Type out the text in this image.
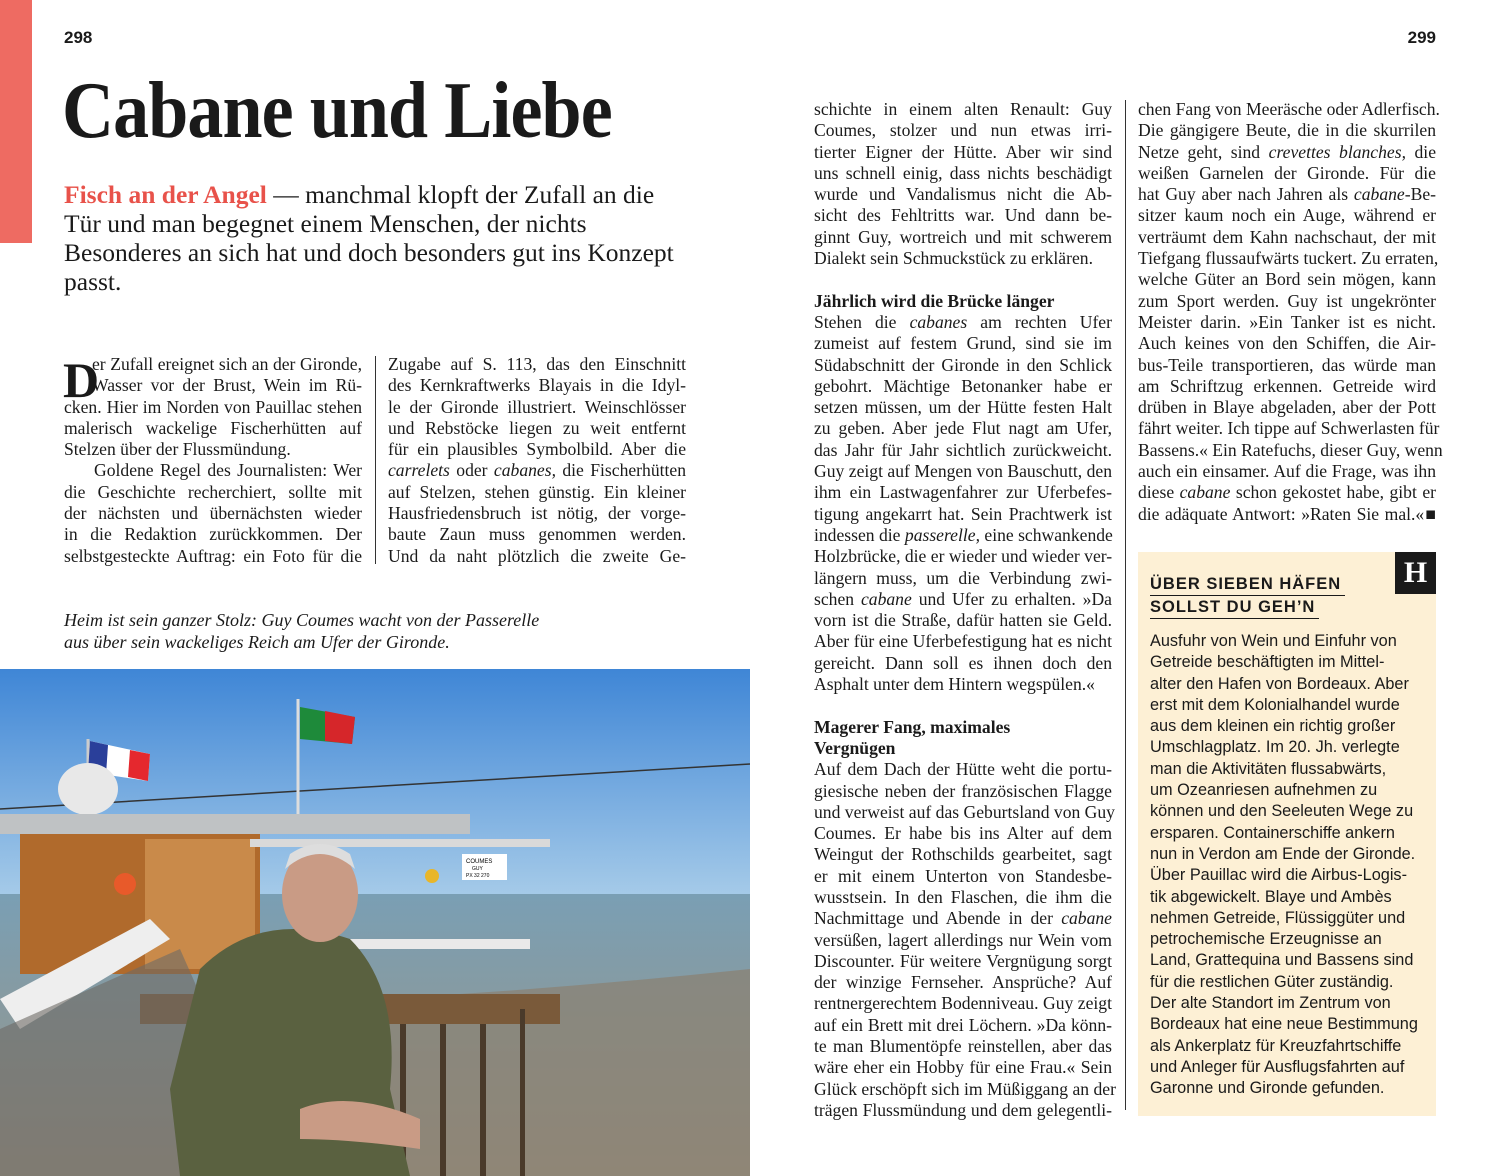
298	299
Cabane und Liebe
Fisch an der Angel — manchmal klopft der Zufall an die Tür und man begegnet einem Menschen, der nichts Besonderes an sich hat und doch besonders gut ins Konzept passt.
D
er Zufall ereignet sich an der Gironde,
Wasser vor der Brust, Wein im Rü-
cken. Hier im Norden von Pauillac stehen
malerisch wackelige Fischerhütten auf
Stelzen über der Flussmündung.
Goldene Regel des Journalisten: Wer
die Geschichte recherchiert, sollte mit
der nächsten und übernächsten wieder
in die Redaktion zurückkommen. Der
selbstgesteckte Auftrag: ein Foto für die
Zugabe auf S. 113, das den Einschnitt
des Kernkraftwerks Blayais in die Idyl-
le der Gironde illustriert. Weinschlösser
und Rebstöcke liegen zu weit entfernt
für ein plausibles Symbolbild. Aber die
carrelets oder cabanes, die Fischerhütten
auf Stelzen, stehen günstig. Ein kleiner
Hausfriedensbruch ist nötig, der vorge-
baute Zaun muss genommen werden.
Und da naht plötzlich die zweite Ge-
schichte in einem alten Renault: Guy
Coumes, stolzer und nun etwas irri-
tierter Eigner der Hütte. Aber wir sind
uns schnell einig, dass nichts beschädigt
wurde und Vandalismus nicht die Ab-
sicht des Fehltritts war. Und dann be-
ginnt Guy, wortreich und mit schwerem
Dialekt sein Schmuckstück zu erklären.
Jährlich wird die Brücke länger
Stehen die cabanes am rechten Ufer
zumeist auf festem Grund, sind sie im
Südabschnitt der Gironde in den Schlick
gebohrt. Mächtige Betonanker habe er
setzen müssen, um der Hütte festen Halt
zu geben. Aber jede Flut nagt am Ufer,
das Jahr für Jahr sichtlich zurückweicht.
Guy zeigt auf Mengen von Bauschutt, den
ihm ein Lastwagenfahrer zur Uferbefes-
tigung angekarrt hat. Sein Prachtwerk ist
indessen die passerelle, eine schwankende
Holzbrücke, die er wieder und wieder ver-
längern muss, um die Verbindung zwi-
schen cabane und Ufer zu erhalten. »Da
vorn ist die Straße, dafür hatten sie Geld.
Aber für eine Uferbefestigung hat es nicht
gereicht. Dann soll es ihnen doch den
Asphalt unter dem Hintern wegspülen.«
Magerer Fang, maximales
Vergnügen
Auf dem Dach der Hütte weht die portu-
giesische neben der französischen Flagge
und verweist auf das Geburtsland von Guy
Coumes. Er habe bis ins Alter auf dem
Weingut der Rothschilds gearbeitet, sagt
er mit einem Unterton von Standesbe-
wusstsein. In den Flaschen, die ihm die
Nachmittage und Abende in der cabane
versüßen, lagert allerdings nur Wein vom
Discounter. Für weitere Vergnügung sorgt
der winzige Fernseher. Ansprüche? Auf
rentnergerechtem Bodenniveau. Guy zeigt
auf ein Brett mit drei Löchern. »Da könn-
te man Blumentöpfe reinstellen, aber das
wäre eher ein Hobby für eine Frau.« Sein
Glück erschöpft sich im Müßiggang an der
trägen Flussmündung und dem gelegentli-
chen Fang von Meeräsche oder Adlerfisch.
Die gängigere Beute, die in die skurrilen
Netze geht, sind crevettes blanches, die
weißen Garnelen der Gironde. Für die
hat Guy aber nach Jahren als cabane-Be-
sitzer kaum noch ein Auge, während er
verträumt dem Kahn nachschaut, der mit
Tiefgang flussaufwärts tuckert. Zu erraten,
welche Güter an Bord sein mögen, kann
zum Sport werden. Guy ist ungekrönter
Meister darin. »Ein Tanker ist es nicht.
Auch keines von den Schiffen, die Air-
bus-Teile transportieren, das würde man
am Schriftzug erkennen. Getreide wird
drüben in Blaye abgeladen, aber der Pott
fährt weiter. Ich tippe auf Schwerlasten für
Bassens.« Ein Ratefuchs, dieser Guy, wenn
auch ein einsamer. Auf die Frage, was ihn
diese cabane schon gekostet habe, gibt er
die adäquate Antwort: »Raten Sie mal.«■
Heim ist sein ganzer Stolz: Guy Coumes wacht von der Passerelle
aus über sein wackeliges Reich am Ufer der Gironde.
COUMES
GUY
PX 32 270
H
ÜBER SIEBEN HÄFEN
SOLLST DU GEH’N
Ausfuhr von Wein und Einfuhr von
Getreide beschäftigten im Mittel-
alter den Hafen von Bordeaux. Aber
erst mit dem Kolonialhandel wurde
aus dem kleinen ein richtig großer
Umschlagplatz. Im 20. Jh. verlegte
man die Aktivitäten flussabwärts,
um Ozeanriesen aufnehmen zu
können und den Seeleuten Wege zu
ersparen. Containerschiffe ankern
nun in Verdon am Ende der Gironde.
Über Pauillac wird die Airbus-Logis-
tik abgewickelt. Blaye und Ambès
nehmen Getreide, Flüssiggüter und
petrochemische Erzeugnisse an
Land, Grattequina und Bassens sind
für die restlichen Güter zuständig.
Der alte Standort im Zentrum von
Bordeaux hat eine neue Bestimmung
als Ankerplatz für Kreuzfahrtschiffe
und Anleger für Ausflugsfahrten auf
Garonne und Gironde gefunden.
